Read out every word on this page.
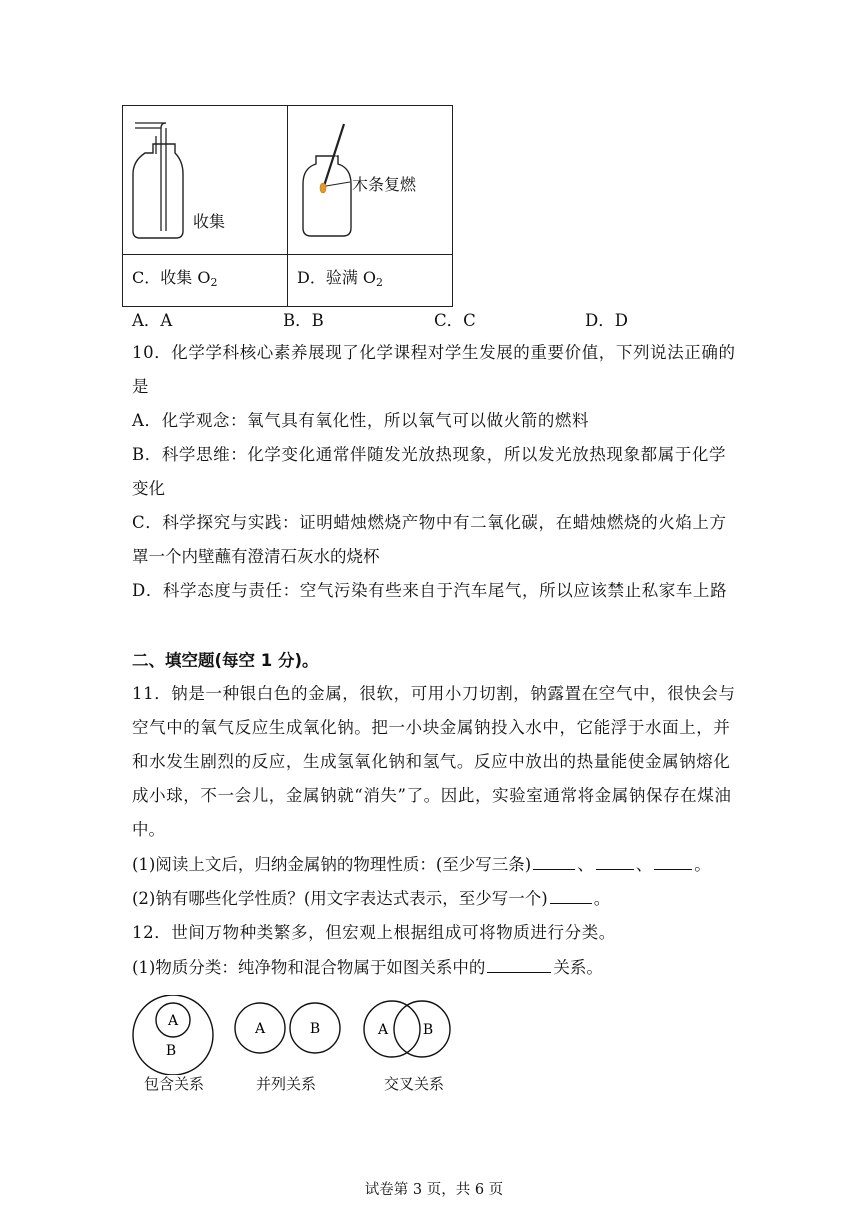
收集	木条复燃

C．收集 $O_2$	D．验满 $O_2$
A．A	B．B	C．C	D．D
10．化学学科核心素养展现了化学课程对学生发展的重要价值，下列说法正确的
是
A．化学观念：氧气具有氧化性，所以氧气可以做火箭的燃料
B．科学思维：化学变化通常伴随发光放热现象，所以发光放热现象都属于化学
变化
C．科学探究与实践：证明蜡烛燃烧产物中有二氧化碳，在蜡烛燃烧的火焰上方
罩一个内壁蘸有澄清石灰水的烧杯
D．科学态度与责任：空气污染有些来自于汽车尾气，所以应该禁止私家车上路
二、填空题(每空 1 分)。
11．钠是一种银白色的金属，很软，可用小刀切割，钠露置在空气中，很快会与
空气中的氧气反应生成氧化钠。把一小块金属钠投入水中，它能浮于水面上，并
和水发生剧烈的反应，生成氢氧化钠和氢气。反应中放出的热量能使金属钠熔化
成小球，不一会儿，金属钠就“消失”了。因此，实验室通常将金属钠保存在煤油
中。
(1)阅读上文后，归纳金属钠的物理性质：(至少写三条)	、	、	。
(2)钠有哪些化学性质？(用文字表达式表示，至少写一个)	。
12．世间万物种类繁多，但宏观上根据组成可将物质进行分类。
(1)物质分类：纯净物和混合物属于如图关系中的	关系。
A
B
A	B	A B
包含关系	并列关系	交叉关系
试卷第 3 页，共 6 页
